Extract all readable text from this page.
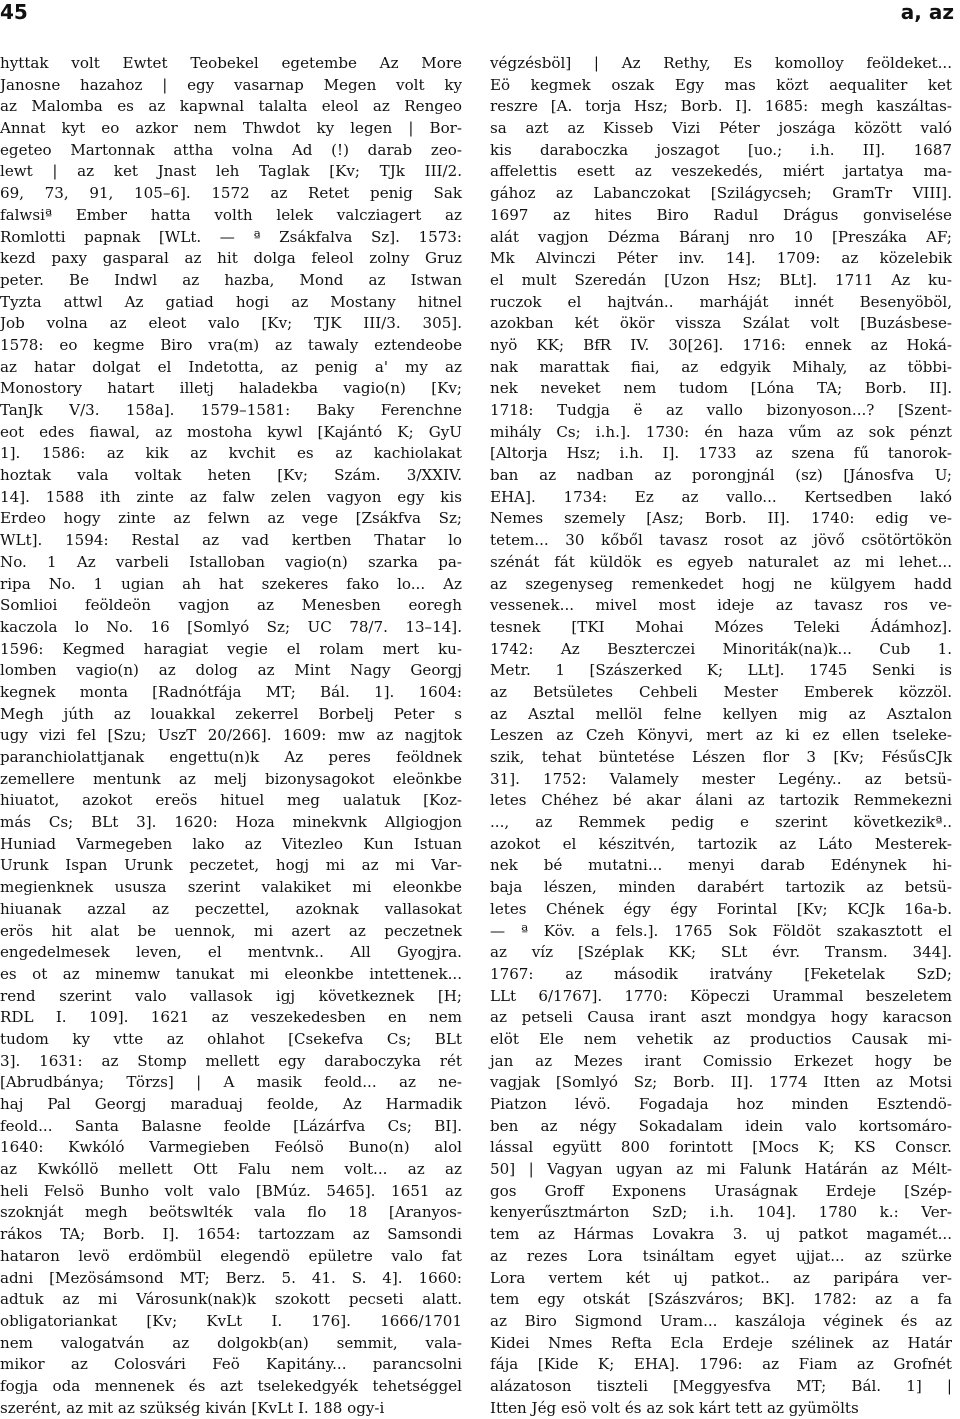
45	a, az
hyttak volt Ewtet Teobekel egetembe Az More
Janosne hazahoz | egy vasarnap Megen volt ky
az Malomba es az kapwnal talalta eleol az Rengeo
Annat kyt eo azkor nem Thwdot ky legen | Bor-
egeteo Martonnak attha volna Ad (!) darab zeo-
lewt | az ket Jnast leh Taglak [Kv; TJk III/2.
69, 73, 91, 105–6]. 1572 az Retet penig Sak
falwsiª Ember hatta volth lelek valcziagert az
Romlotti papnak [WLt. — ª Zsákfalva Sz]. 1573:
kezd paxy gasparal az hit dolga feleol zolny Gruz
peter. Be Indwl az hazba, Mond az Istwan
Tyzta attwl Az gatiad hogi az Mostany hitnel
Job volna az eleot valo [Kv; TJK III/3. 305].
1578: eo kegme Biro vra(m) az tawaly eztendeobe
az hatar dolgat el Indetotta, az penig a' my az
Monostory hatart illetj haladekba vagio(n) [Kv;
TanJk V/3. 158a]. 1579–1581: Baky Ferenchne
eot edes fiawal, az mostoha kywl [Kajántó K; GyU
1]. 1586: az kik az kvchit es az kachiolakat
hoztak vala voltak heten [Kv; Szám. 3/XXIV.
14]. 1588 ith zinte az falw zelen vagyon egy kis
Erdeo hogy zinte az felwn az vege [Zsákfva Sz;
WLt]. 1594: Restal az vad kertben Thatar lo
No. 1 Az varbeli Istalloban vagio(n) szarka pa-
ripa No. 1 ugian ah hat szekeres fako lo... Az
Somlioi feöldeön vagjon az Menesben eoregh
kaczola lo No. 16 [Somlyó Sz; UC 78/7. 13–14].
1596: Kegmed haragiat vegie el rolam mert ku-
lomben vagio(n) az dolog az Mint Nagy Georgj
kegnek monta [Radnótfája MT; Bál. 1]. 1604:
Megh júth az louakkal zekerrel Borbelj Peter s
ugy vizi fel [Szu; UszT 20/266]. 1609: mw az nagjtok
paranchiolattjanak engettu(n)k Az peres feöldnek
zemellere mentunk az melj bizonysagokot eleönkbe
hiuatot, azokot ereös hituel meg ualatuk [Koz-
más Cs; BLt 3]. 1620: Hoza minekvnk Allgiogjon
Huniad Varmegeben lako az Vitezleo Kun Istuan
Urunk Ispan Urunk peczetet, hogj mi az mi Var-
megienknek ususza szerint valakiket mi eleonkbe
hiuanak azzal az peczettel, azoknak vallasokat
erös hit alat be uennok, mi azert az peczetnek
engedelmesek leven, el mentvnk.. All Gyogjra.
es ot az minemw tanukat mi eleonkbe intettenek...
rend szerint valo vallasok igj következnek [H;
RDL I. 109]. 1621 az veszekedesben en nem
tudom ky vtte az ohlahot [Csekefva Cs; BLt
3]. 1631: az Stomp mellett egy daraboczyka rét
[Abrudbánya; Törzs] | A masik feold... az ne-
haj Pal Georgj maraduaj feolde, Az Harmadik
feold... Santa Balasne feolde [Lázárfva Cs; BI].
1640: Kwkóló Varmegieben Feólsö Buno(n) alol
az Kwkóllö mellett Ott Falu nem volt... az az
heli Felsö Bunho volt valo [BMúz. 5465]. 1651 az
szoknját megh beötswlték vala flo 18 [Aranyos-
rákos TA; Borb. I]. 1654: tartozzam az Samsondi
hataron levö erdömbül elegendö epületre valo fat
adni [Mezösámsond MT; Berz. 5. 41. S. 4]. 1660:
adtuk az mi Városunk(nak)k szokott pecseti alatt.
obligatoriankat [Kv; KvLt I. 176]. 1666/1701
nem valogatván az dolgokb(an) semmit, vala-
mikor az Colosvári Feö Kapitány... parancsolni
fogja oda mennenek és azt tselekedgyék tehetséggel
szerént, az mit az szükség kiván [KvLt I. 188 ogy-i
végzésböl] | Az Rethy, Es komolloy feöldeket...
Eö kegmek oszak Egy mas közt aequaliter ket
reszre [A. torja Hsz; Borb. I]. 1685: megh kaszáltas-
sa azt az Kisseb Vizi Péter joszága között való
kis daraboczka joszagot [uo.; i.h. II]. 1687
affelettis esett az veszekedés, miért jartatya ma-
gához az Labanczokat [Szilágycseh; GramTr VIII].
1697 az hites Biro Radul Drágus gonviselése
alát vagjon Dézma Báranj nro 10 [Preszáka AF;
Mk Alvinczi Péter inv. 14]. 1709: az közelebik
el mult Szeredán [Uzon Hsz; BLt]. 1711 Az ku-
ruczok el hajtván.. marháját innét Besenyöböl,
azokban két ökör vissza Szálat volt [Buzásbese-
nyö KK; BfR IV. 30[26]. 1716: ennek az Hoká-
nak marattak fiai, az edgyik Mihaly, az többi-
nek neveket nem tudom [Lóna TA; Borb. II].
1718: Tudgja ë az vallo bizonyoson...? [Szent-
mihály Cs; i.h.]. 1730: én haza vűm az sok pénzt
[Altorja Hsz; i.h. I]. 1733 az szena fű tanorok-
ban az nadban az porongjnál (sz) [Jánosfva U;
EHA]. 1734: Ez az vallo... Kertsedben lakó
Nemes szemely [Asz; Borb. II]. 1740: edig ve-
tetem... 30 kőből tavasz rosot az jövő csötörtökön
szénát fát küldök es egyeb naturalet az mi lehet...
az szegenyseg remenkedet hogj ne külgyem hadd
vessenek... mivel most ideje az tavasz ros ve-
tesnek [TKI Mohai Mózes Teleki Ádámhoz].
1742: Az Beszterczei Minoriták(na)k... Cub 1.
Metr. 1 [Szászerked K; LLt]. 1745 Senki is
az Betsületes Cehbeli Mester Emberek közzöl.
az Asztal mellöl felne kellyen mig az Asztalon
Leszen az Czeh Könyvi, mert az ki ez ellen tseleke-
szik, tehat büntetése Lészen flor 3 [Kv; FésűsCJk
31]. 1752: Valamely mester Legény.. az betsü-
letes Chéhez bé akar álani az tartozik Remmekezni
..., az Remmek pedig e szerint következikª..
azokot el készitvén, tartozik az Láto Mesterek-
nek bé mutatni... menyi darab Edénynek hi-
baja lészen, minden darabért tartozik az betsü-
letes Chének égy égy Forintal [Kv; KCJk 16a-b.
— ª Köv. a fels.]. 1765 Sok Földöt szakasztott el
az víz [Széplak KK; SLt évr. Transm. 344].
1767: az második iratvány [Feketelak SzD;
LLt 6/1767]. 1770: Köpeczi Urammal beszeletem
az petseli Causa irant aszt mondgya hogy karacson
elöt Ele nem vehetik az productios Causak mi-
jan az Mezes irant Comissio Erkezet hogy be
vagjak [Somlyó Sz; Borb. II]. 1774 Itten az Motsi
Piatzon lévö. Fogadaja hoz minden Esztendö-
ben az négy Sokadalam idein valo kortsomáro-
lással együtt 800 forintott [Mocs K; KS Conscr.
50] | Vagyan ugyan az mi Falunk Határán az Mélt-
gos Groff Exponens Uraságnak Erdeje [Szép-
kenyerűsztmárton SzD; i.h. 104]. 1780 k.: Ver-
tem az Hármas Lovakra 3. uj patkot magamét...
az rezes Lora tsináltam egyet ujjat... az szürke
Lora vertem két uj patkot.. az paripára ver-
tem egy otskát [Szászváros; BK]. 1782: az a fa
az Biro Sigmond Uram... kaszáloja véginek és az
Kidei Nmes Refta Ecla Erdeje szélinek az Határ
fája [Kide K; EHA]. 1796: az Fiam az Grofnét
alázatoson tiszteli [Meggyesfva MT; Bál. 1] |
Itten Jég esö volt és az sok kárt tett az gyümölts
